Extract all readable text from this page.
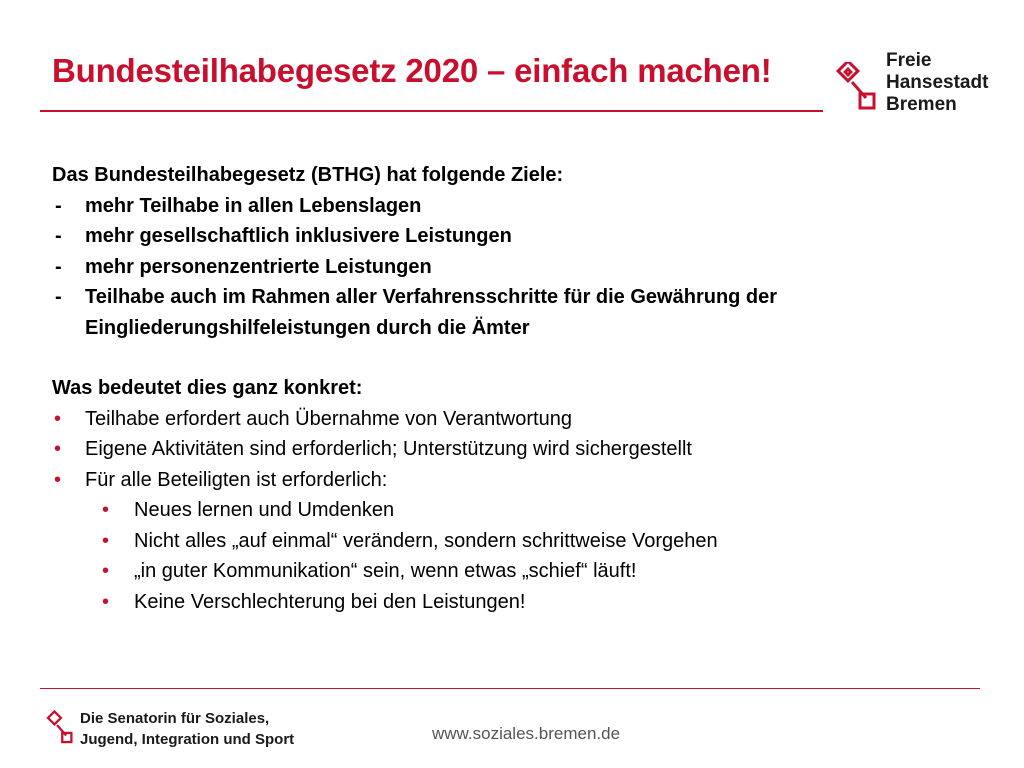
Bundesteilhabegesetz 2020 – einfach machen!	Freie
Hansestadt
Bremen
Das Bundesteilhabegesetz (BTHG) hat folgende Ziele:
- mehr Teilhabe in allen Lebenslagen
- mehr gesellschaftlich inklusivere Leistungen
- mehr personenzentrierte Leistungen
- Teilhabe auch im Rahmen aller Verfahrensschritte für die Gewährung der Eingliederungshilfeleistungen durch die Ämter
Was bedeutet dies ganz konkret:
• Teilhabe erfordert auch Übernahme von Verantwortung
• Eigene Aktivitäten sind erforderlich; Unterstützung wird sichergestellt
• Für alle Beteiligten ist erforderlich:
• Neues lernen und Umdenken
• Nicht alles „auf einmal“ verändern, sondern schrittweise Vorgehen
• „in guter Kommunikation“ sein, wenn etwas „schief“ läuft!
• Keine Verschlechterung bei den Leistungen!
Die Senatorin für Soziales,
Jugend, Integration und Sport	www.soziales.bremen.de
